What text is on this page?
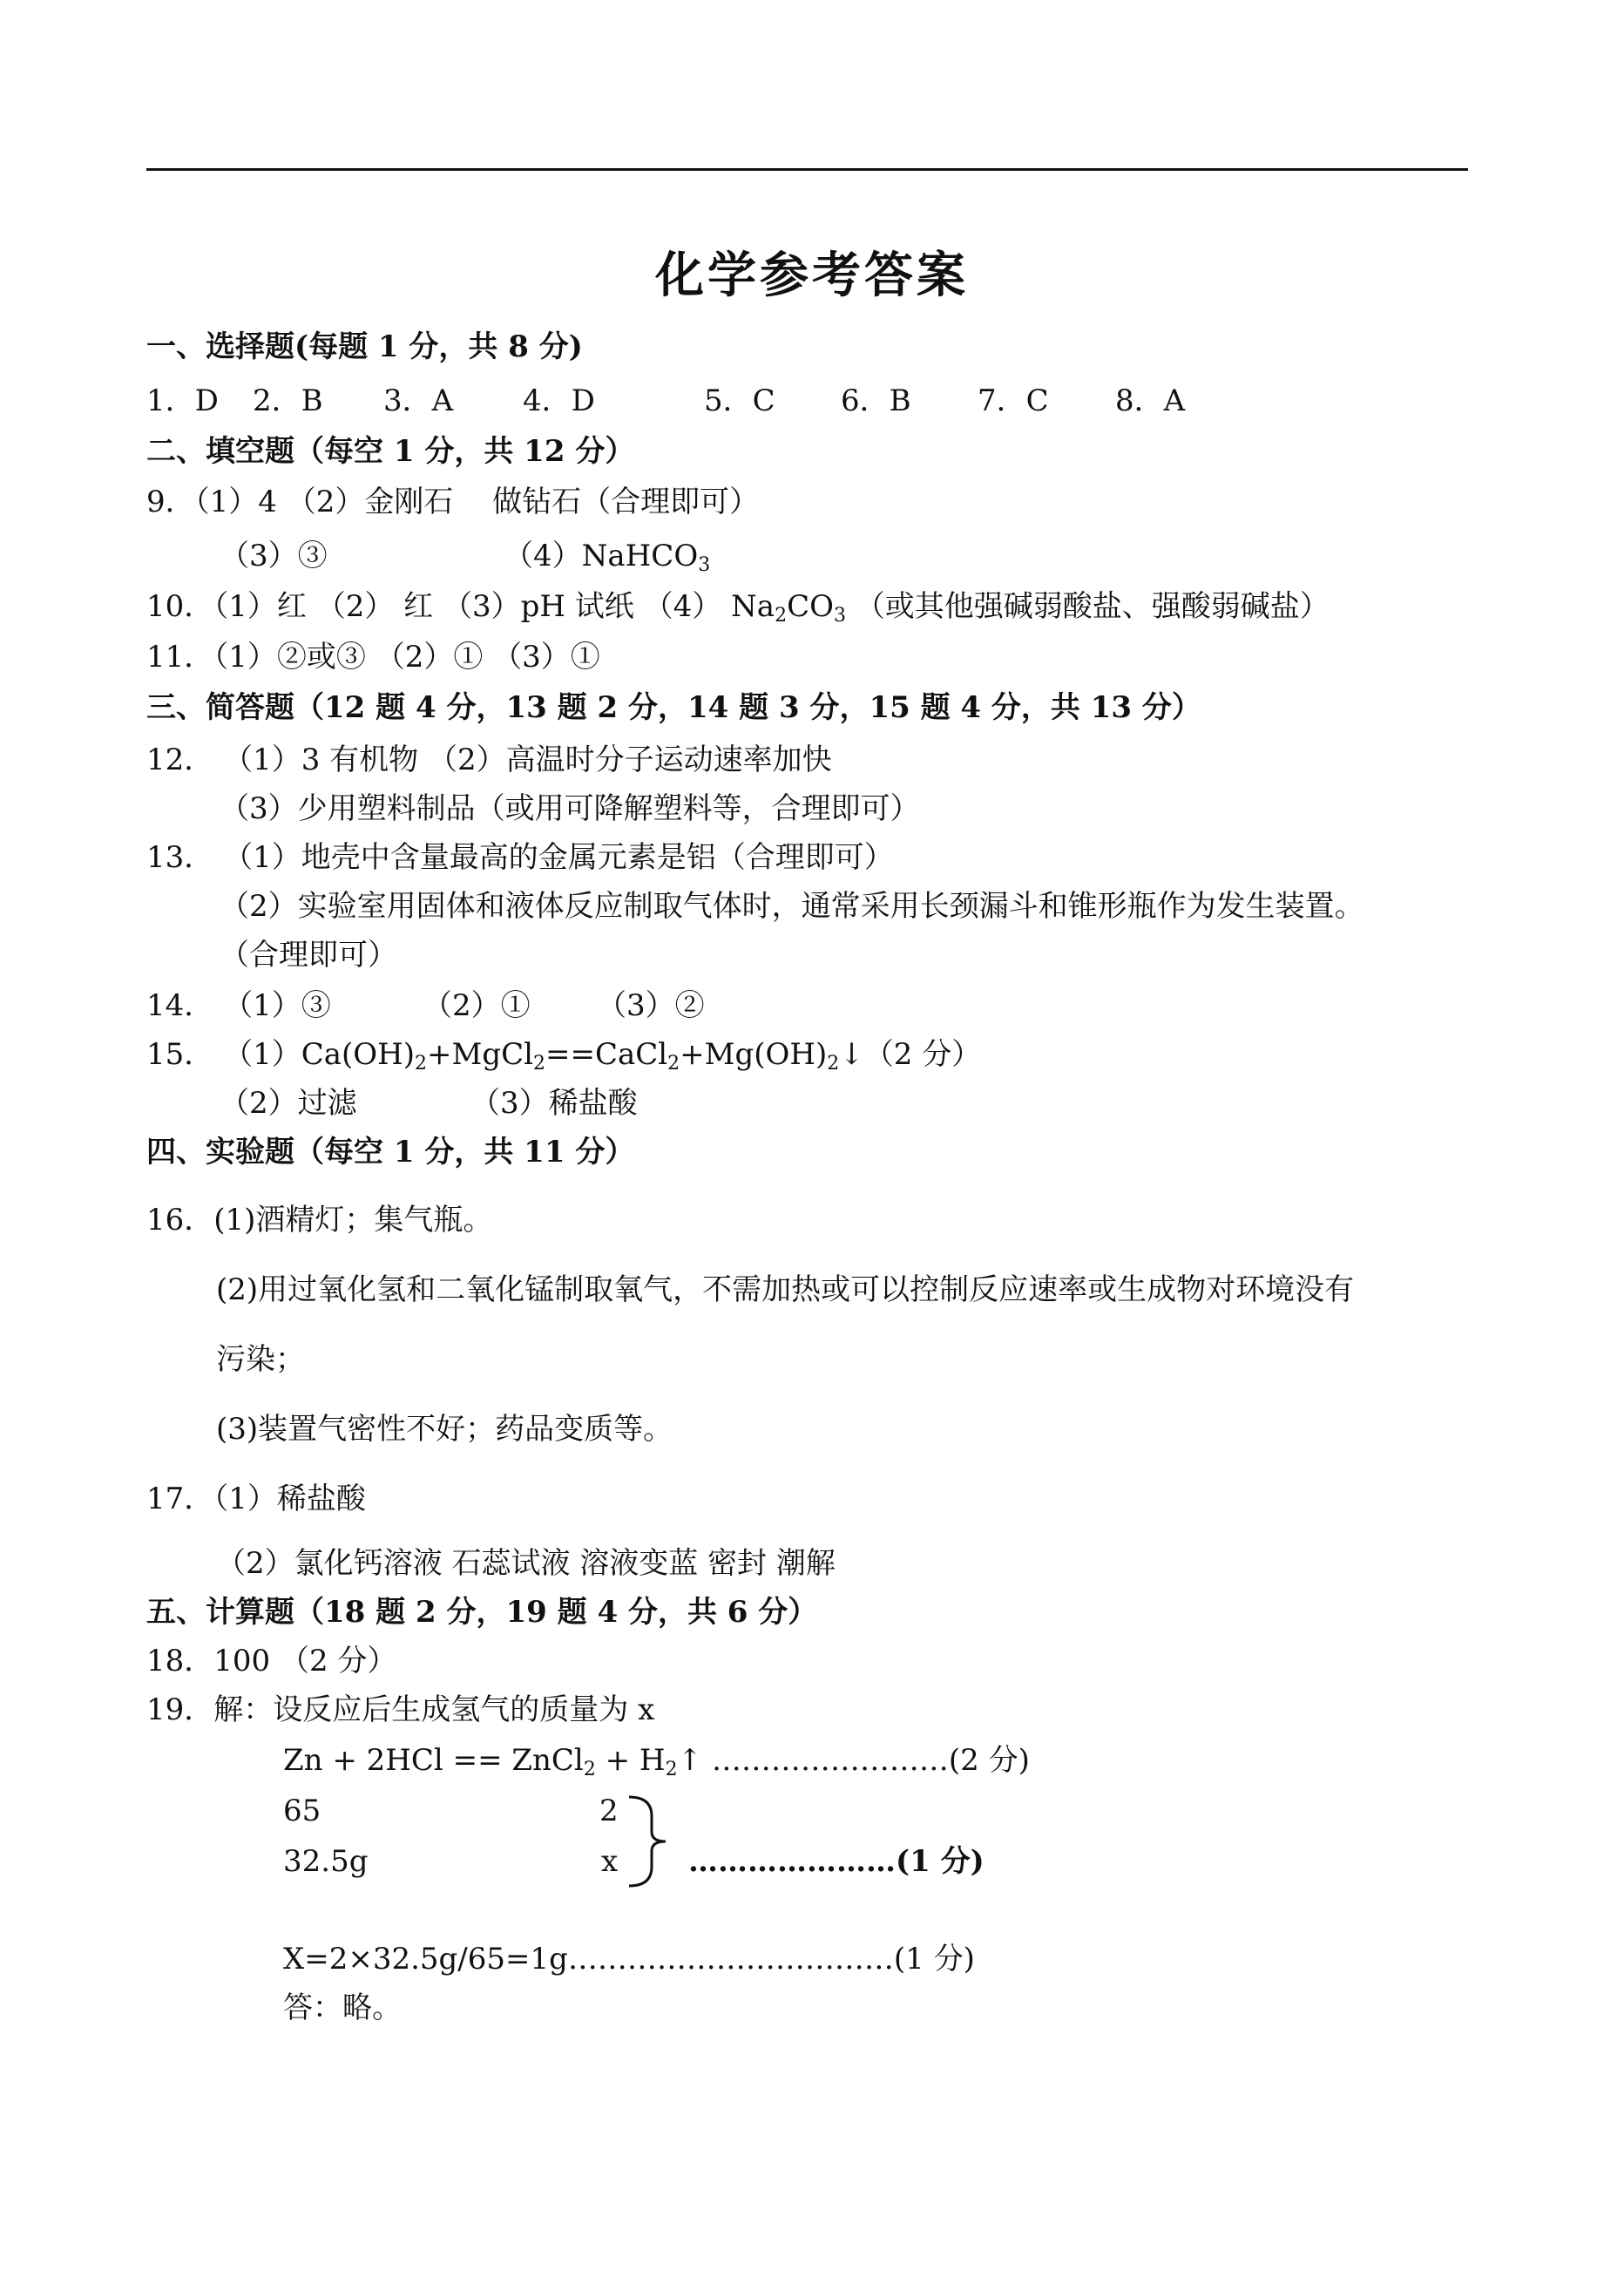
化学参考答案
一、选择题(每题 1 分，共 8 分)
1．D 2．B 3．A 4．D	5．C 6．B 7．C 8．A
二、填空题（每空 1 分，共 12 分）
9．（1）4 （2）金刚石　 做钻石（合理即可）
（3）③	（4）NaHCO$_3$
10．（1）红 （2） 红 （3）pH 试纸 （4） $Na_2CO_3$ （或其他强碱弱酸盐、强酸弱碱盐）
11．（1）②或③ （2）① （3）①
三、简答题（12 题 4 分，13 题 2 分，14 题 3 分，15 题 4 分，共 13 分）
12． （1）3 有机物 （2）高温时分子运动速率加快
（3）少用塑料制品（或用可降解塑料等，合理即可）
13． （1）地壳中含量最高的金属元素是铝（合理即可）
（2）实验室用固体和液体反应制取气体时，通常采用长颈漏斗和锥形瓶作为发生装置。
（合理即可）
14． （1）③	（2）① （3）②
15． $(1)Ca(OH)_2+MgCl_2==CaCl_2+Mg(OH)_2↓(2$ 分）
（2）过滤	（3）稀盐酸
四、实验题（每空 1 分，共 11 分）
16．(1)酒精灯；集气瓶。
(2)用过氧化氢和二氧化锰制取氧气，不需加热或可以控制反应速率或生成物对环境没有
污染；
(3)装置气密性不好；药品变质等。
17．（1）稀盐酸
（2）氯化钙溶液 石蕊试液 溶液变蓝 密封 潮解
五、计算题（18 题 2 分，19 题 4 分，共 6 分）
18．100 （2 分）
19．解：设反应后生成氢气的质量为 x
Zn + 2HCl == ZnCl$_2$ + $H_2↑$ ……………………(2 分)
65	2
32.5g	x …………………(1 分)
X=2×32.5g/65=1g……………………………(1 分)
答：略。
